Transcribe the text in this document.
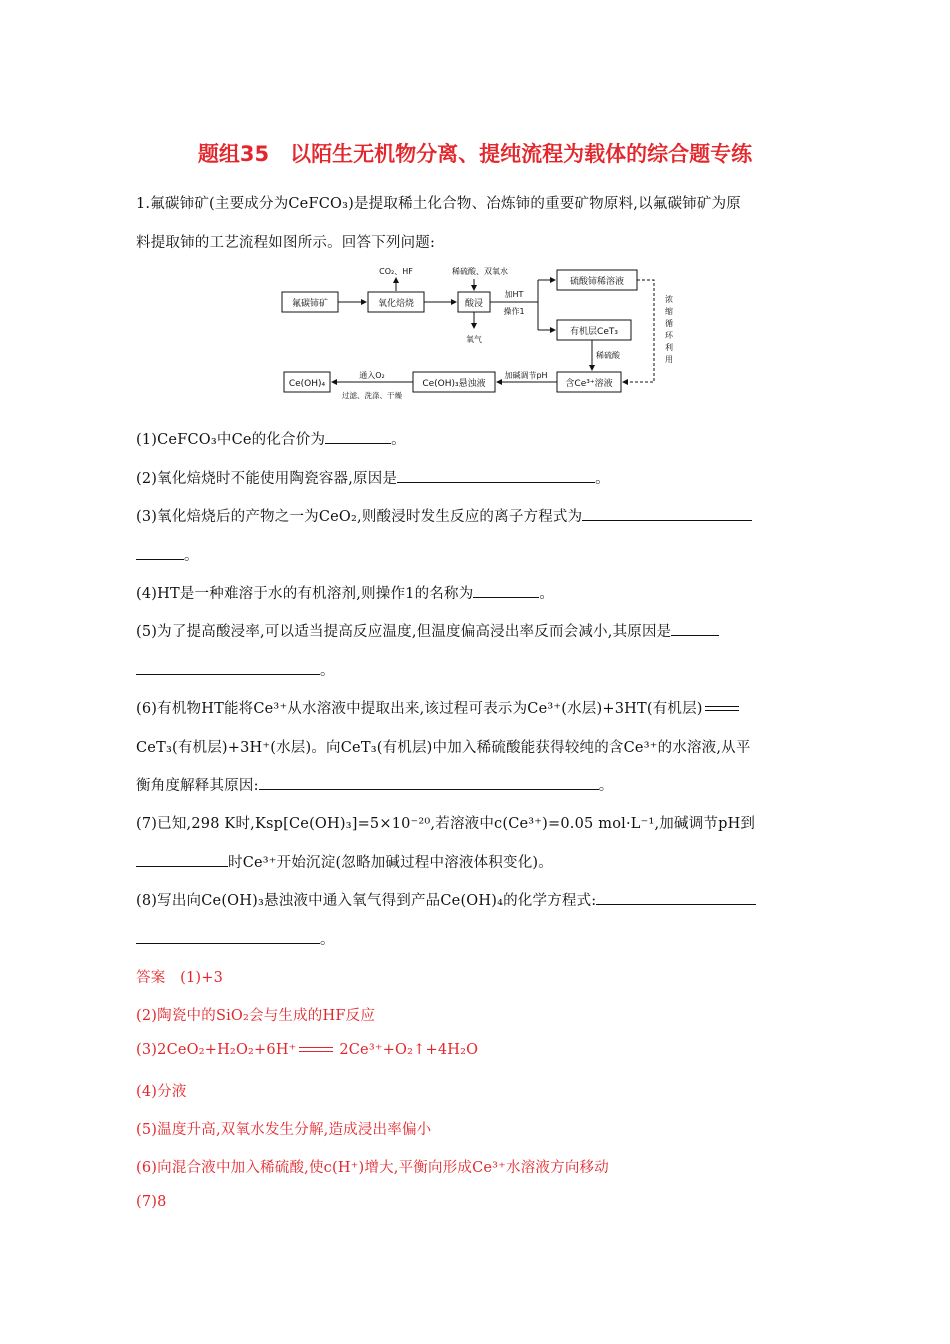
题组35　以陌生无机物分离、提纯流程为载体的综合题专练
1.氟碳铈矿(主要成分为CeFCO₃)是提取稀土化合物、冶炼铈的重要矿物原料,以氟碳铈矿为原
料提取铈的工艺流程如图所示。回答下列问题:
氟碳铈矿	氧化焙烧	酸浸
硫酸铈稀溶液
有机层CeT₃
含Ce³⁺溶液
Ce(OH)₃悬浊液
Ce(OH)₄
CO₂、HF	稀硫酸、双氧水
加HT
操作1
氧气
稀硫酸
加碱调节pH
通入O₂
过滤、洗涤、干燥
浓
缩
循
环
利
用
(1)CeFCO₃中Ce的化合价为	。
(2)氧化焙烧时不能使用陶瓷容器,原因是	。
(3)氧化焙烧后的产物之一为CeO₂,则酸浸时发生反应的离子方程式为
。
(4)HT是一种难溶于水的有机溶剂,则操作1的名称为	。
(5)为了提高酸浸率,可以适当提高反应温度,但温度偏高浸出率反而会减小,其原因是
。
(6)有机物HT能将Ce³⁺从水溶液中提取出来,该过程可表示为Ce³⁺(水层)+3HT(有机层)
CeT₃(有机层)+3H⁺(水层)。向CeT₃(有机层)中加入稀硫酸能获得较纯的含Ce³⁺的水溶液,从平
衡角度解释其原因:	。
(7)已知,298 K时,Ksp[Ce(OH)₃]=5×10⁻²⁰,若溶液中c(Ce³⁺)=0.05 mol·L⁻¹,加碱调节pH到
时Ce³⁺开始沉淀(忽略加碱过程中溶液体积变化)。
(8)写出向Ce(OH)₃悬浊液中通入氧气得到产品Ce(OH)₄的化学方程式:
。
答案　(1)+3
(2)陶瓷中的SiO₂会与生成的HF反应
(3)2CeO₂+H₂O₂+6H⁺	2Ce³⁺+O₂↑+4H₂O
(4)分液
(5)温度升高,双氧水发生分解,造成浸出率偏小
(6)向混合液中加入稀硫酸,使c(H⁺)增大,平衡向形成Ce³⁺水溶液方向移动
(7)8
